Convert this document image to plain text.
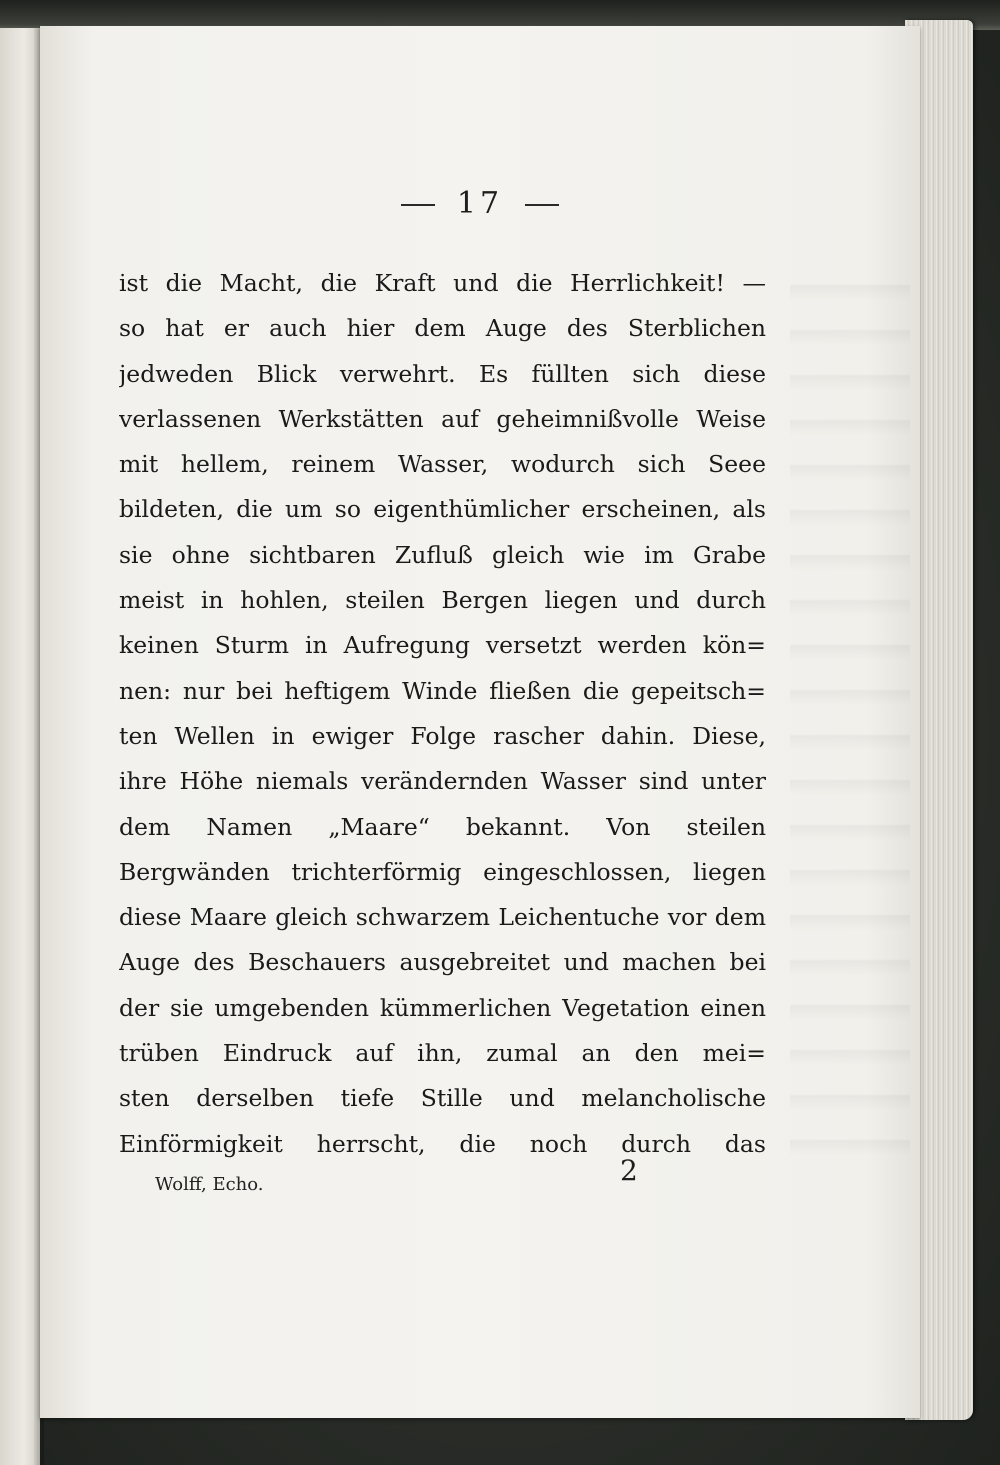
17
ist die Macht, die Kraft und die Herrlichkeit! —
so hat er auch hier dem Auge des Sterblichen
jedweden Blick verwehrt. Es füllten sich diese
verlassenen Werkstätten auf geheimnißvolle Weise
mit hellem, reinem Wasser, wodurch sich Seee
bildeten, die um so eigenthümlicher erscheinen, als
sie ohne sichtbaren Zufluß gleich wie im Grabe
meist in hohlen, steilen Bergen liegen und durch
keinen Sturm in Aufregung versetzt werden kön=
nen: nur bei heftigem Winde fließen die gepeitsch=
ten Wellen in ewiger Folge rascher dahin. Diese,
ihre Höhe niemals verändernden Wasser sind unter
dem Namen „Maare“ bekannt. Von steilen
Bergwänden trichterförmig eingeschlossen, liegen
diese Maare gleich schwarzem Leichentuche vor dem
Auge des Beschauers ausgebreitet und machen bei
der sie umgebenden kümmerlichen Vegetation einen
trüben Eindruck auf ihn, zumal an den mei=
sten derselben tiefe Stille und melancholische
Einförmigkeit herrscht, die noch durch das
Wolff, Echo.	2
